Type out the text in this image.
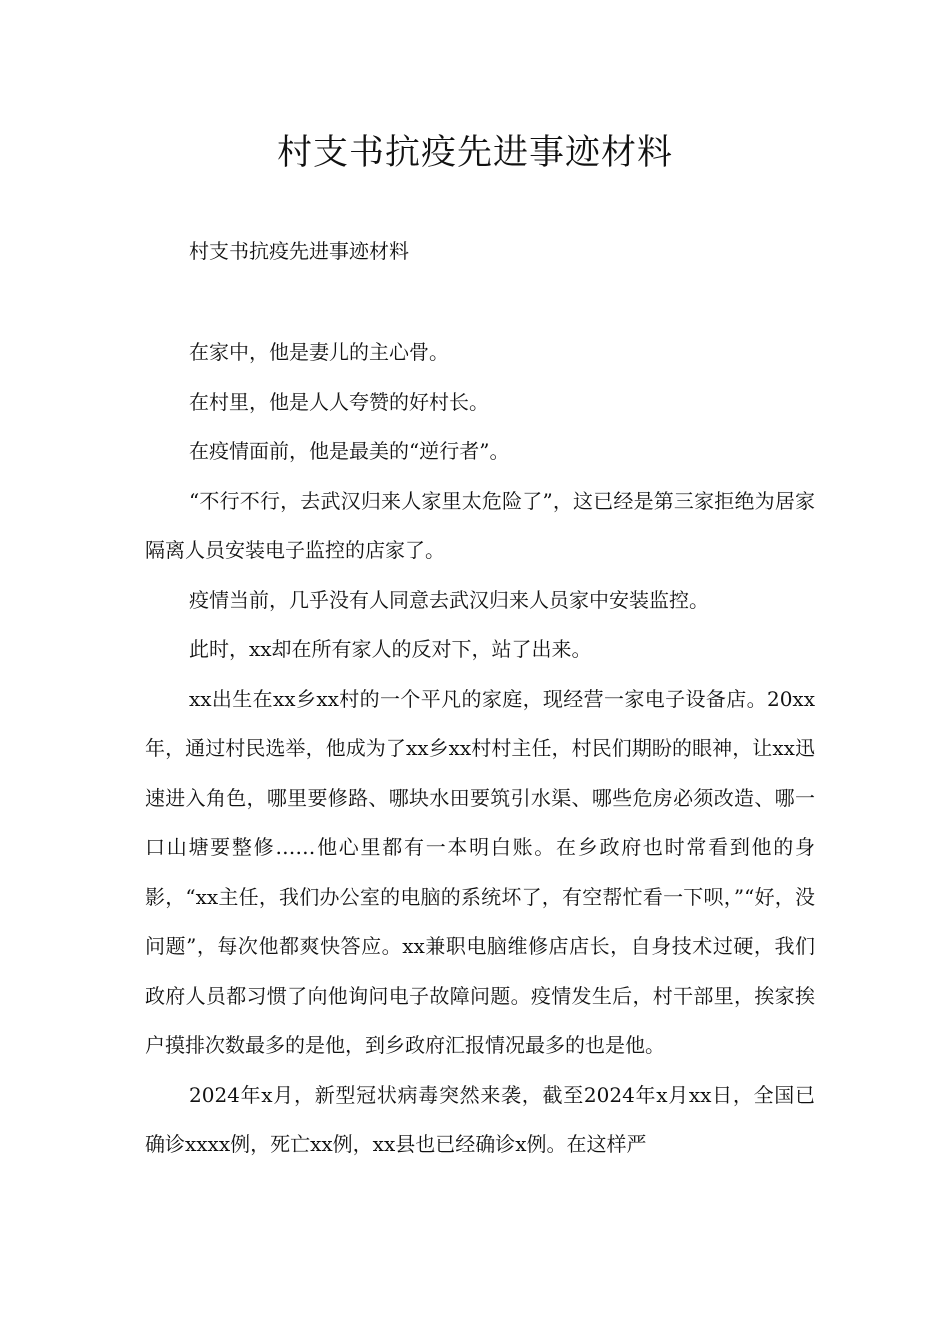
村支书抗疫先进事迹材料

村支书抗疫先进事迹材料

在家中，他是妻儿的主心骨。

在村里，他是人人夸赞的好村长。

在疫情面前，他是最美的“逆行者”。

“不行不行，去武汉归来人家里太危险了”，这已经是第三家拒绝为居家隔离人员安装电子监控的店家了。

疫情当前，几乎没有人同意去武汉归来人员家中安装监控。

此时，xx却在所有家人的反对下，站了出来。

xx出生在xx乡xx村的一个平凡的家庭，现经营一家电子设备店。20xx年，通过村民选举，他成为了xx乡xx村村主任，村民们期盼的眼神，让xx迅速进入角色，哪里要修路、哪块水田要筑引水渠、哪些危房必须改造、哪一口山塘要整修……他心里都有一本明白账。在乡政府也时常看到他的身影，“xx主任，我们办公室的电脑的系统坏了，有空帮忙看一下呗，”“好，没问题”，每次他都爽快答应。xx兼职电脑维修店店长，自身技术过硬，我们政府人员都习惯了向他询问电子故障问题。疫情发生后，村干部里，挨家挨户摸排次数最多的是他，到乡政府汇报情况最多的也是他。

2024年x月，新型冠状病毒突然来袭，截至2024年x月xx日，全国已确诊xxxx例，死亡xx例，xx县也已经确诊x例。在这样严
